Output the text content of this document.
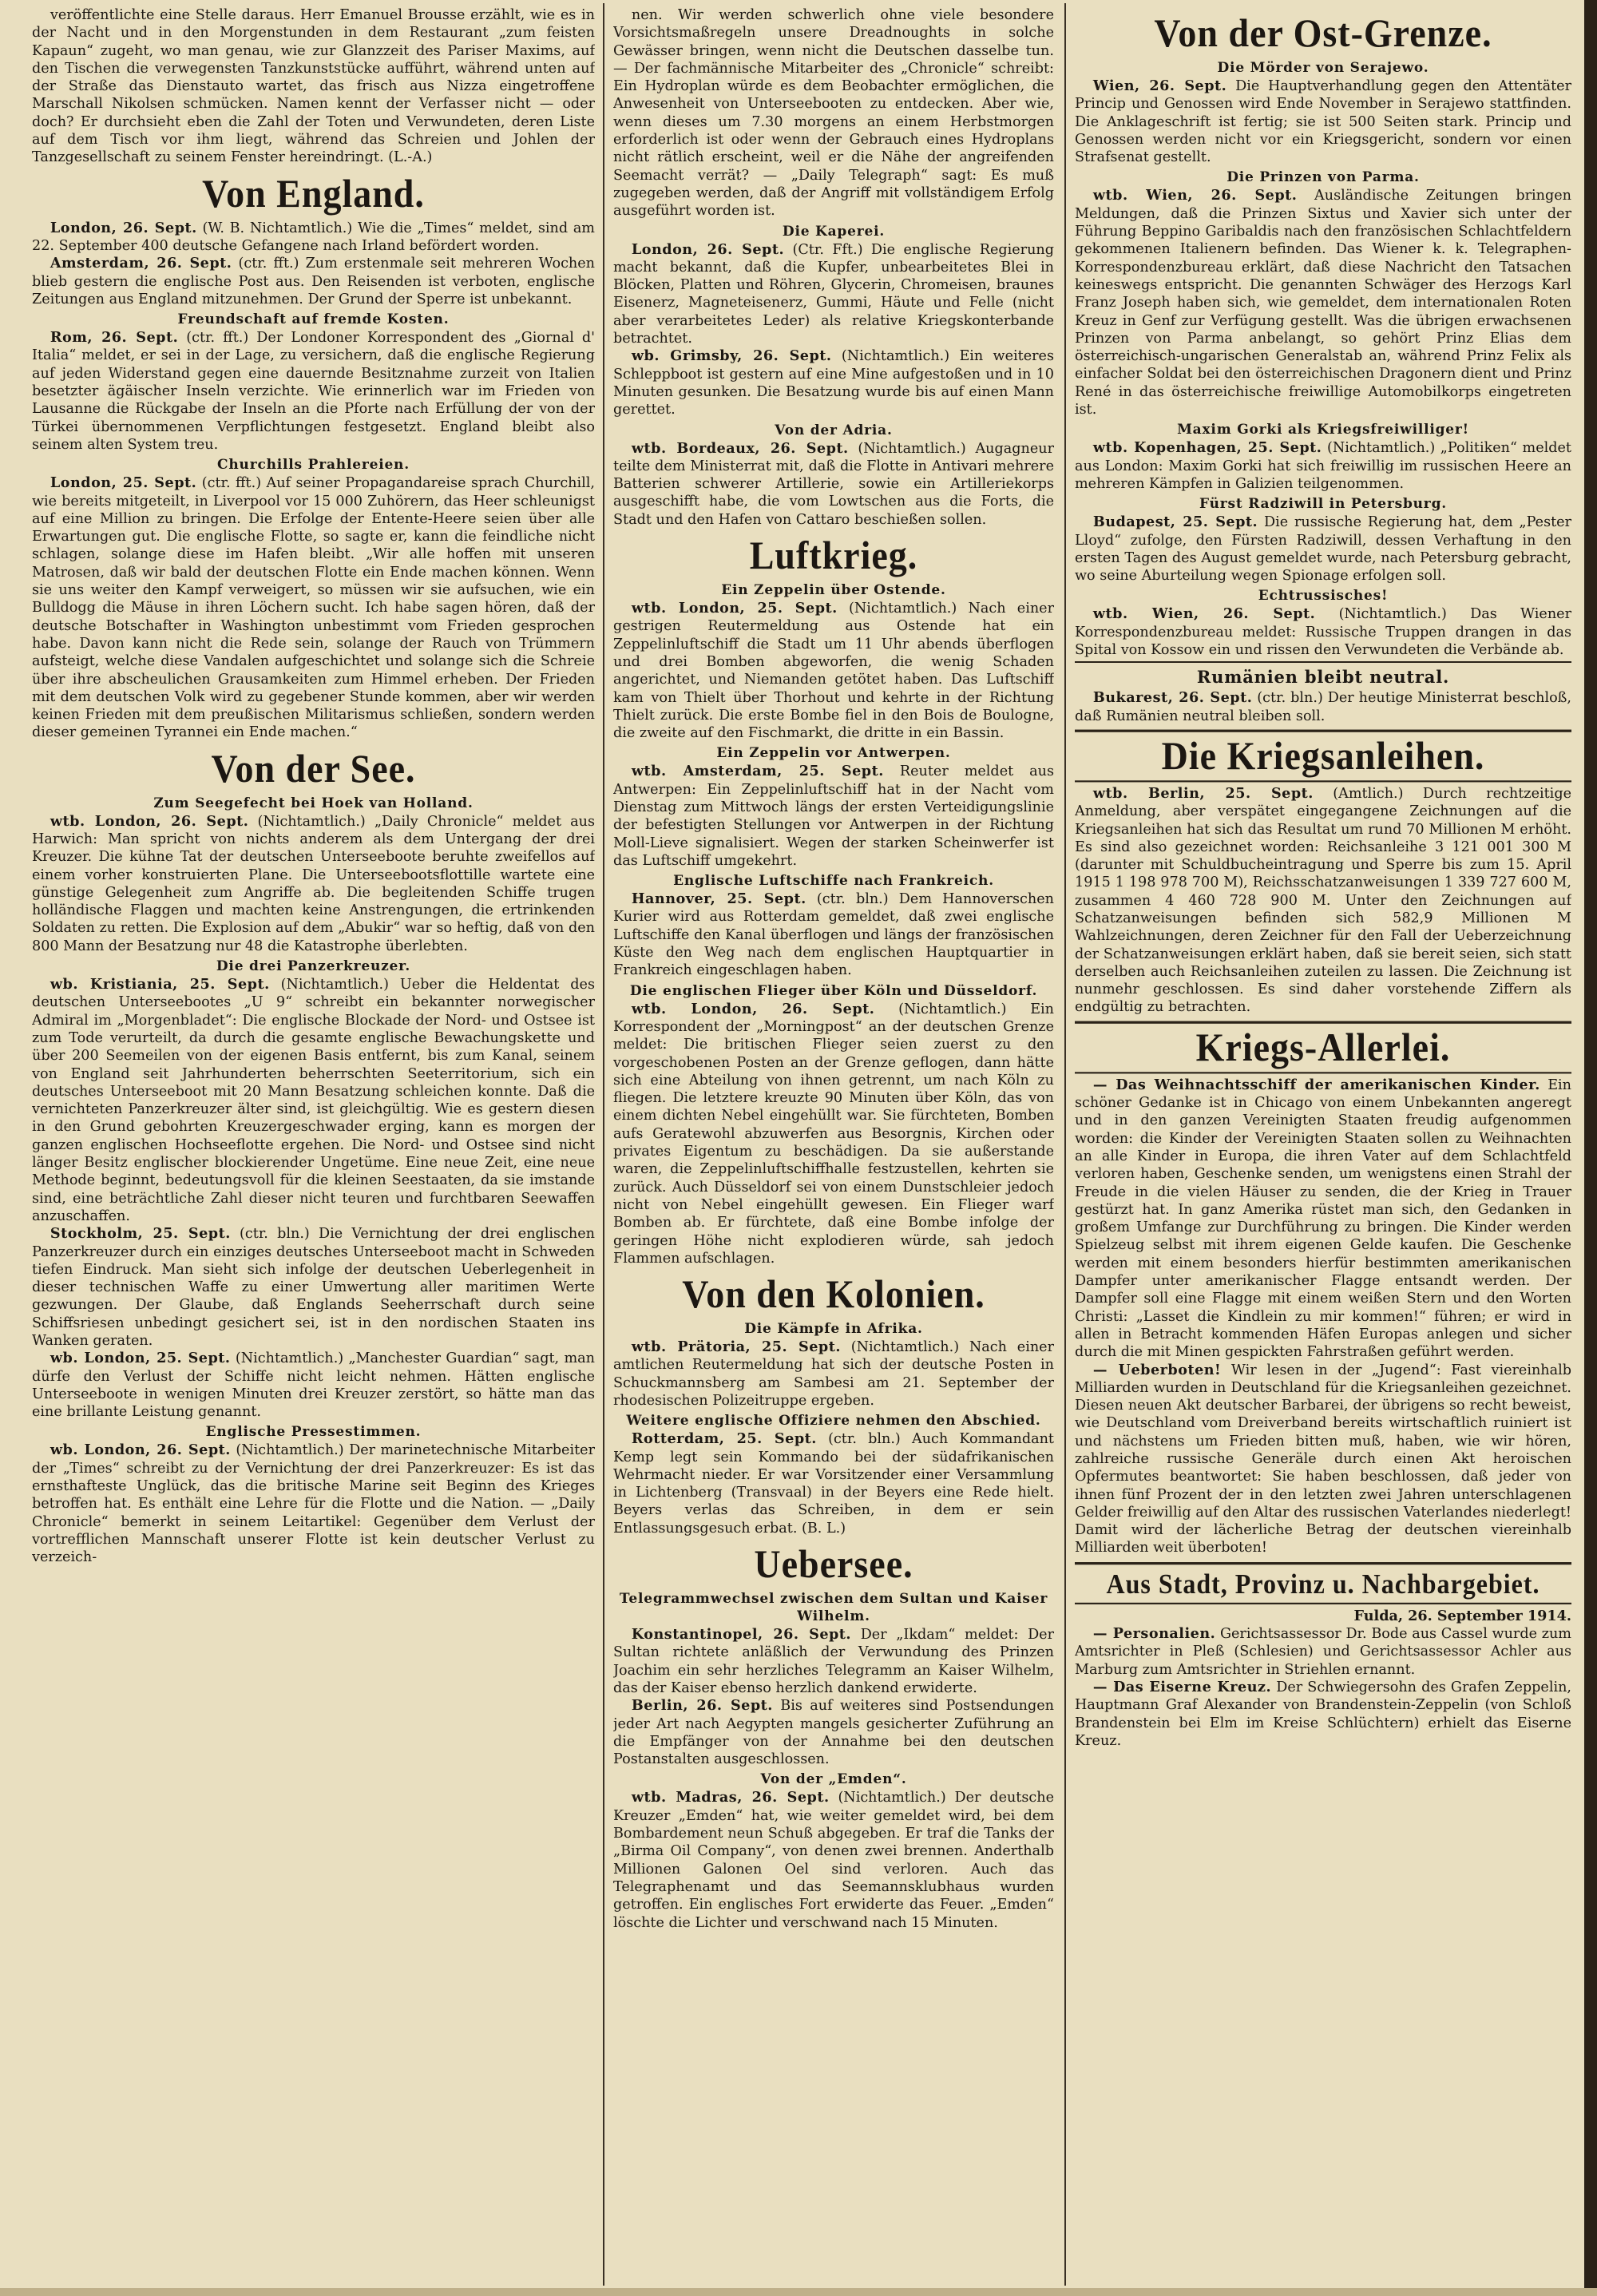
veröffentlichte eine Stelle daraus. Herr Emanuel Brousse erzählt, wie es in der Nacht und in den Morgenstunden in dem Restaurant „zum feisten Kapaun“ zugeht, wo man genau, wie zur Glanzzeit des Pariser Maxims, auf den Tischen die verwegensten Tanzkunststücke aufführt, während unten auf der Straße das Dienstauto wartet, das frisch aus Nizza eingetroffene Marschall Nikolsen schmücken. Namen kennt der Verfasser nicht — oder doch? Er durchsieht eben die Zahl der Toten und Verwundeten, deren Liste auf dem Tisch vor ihm liegt, während das Schreien und Johlen der Tanzgesellschaft zu seinem Fenster hereindringt. (L.-A.)

Von England.

London, 26. Sept. (W. B. Nichtamtlich.) Wie die „Times“ meldet, sind am 22. September 400 deutsche Gefangene nach Irland befördert worden.

Amsterdam, 26. Sept. (ctr. fft.) Zum erstenmale seit mehreren Wochen blieb gestern die englische Post aus. Den Reisenden ist verboten, englische Zeitungen aus England mitzunehmen. Der Grund der Sperre ist unbekannt.

Freundschaft auf fremde Kosten.

Rom, 26. Sept. (ctr. fft.) Der Londoner Korrespondent des „Giornal d' Italia“ meldet, er sei in der Lage, zu versichern, daß die englische Regierung auf jeden Widerstand gegen eine dauernde Besitznahme zurzeit von Italien besetzter ägäischer Inseln verzichte. Wie erinnerlich war im Frieden von Lausanne die Rückgabe der Inseln an die Pforte nach Erfüllung der von der Türkei übernommenen Verpflichtungen festgesetzt. England bleibt also seinem alten System treu.

Churchills Prahlereien.

London, 25. Sept. (ctr. fft.) Auf seiner Propagandareise sprach Churchill, wie bereits mitgeteilt, in Liverpool vor 15 000 Zuhörern, das Heer schleunigst auf eine Million zu bringen. Die Erfolge der Entente-Heere seien über alle Erwartungen gut. Die englische Flotte, so sagte er, kann die feindliche nicht schlagen, solange diese im Hafen bleibt. „Wir alle hoffen mit unseren Matrosen, daß wir bald der deutschen Flotte ein Ende machen können. Wenn sie uns weiter den Kampf verweigert, so müssen wir sie aufsuchen, wie ein Bulldogg die Mäuse in ihren Löchern sucht. Ich habe sagen hören, daß der deutsche Botschafter in Washington unbestimmt vom Frieden gesprochen habe. Davon kann nicht die Rede sein, solange der Rauch von Trümmern aufsteigt, welche diese Vandalen aufgeschichtet und solange sich die Schreie über ihre abscheulichen Grausamkeiten zum Himmel erheben. Der Frieden mit dem deutschen Volk wird zu gegebener Stunde kommen, aber wir werden keinen Frieden mit dem preußischen Militarismus schließen, sondern werden dieser gemeinen Tyrannei ein Ende machen.“

Von der See.
Zum Seegefecht bei Hoek van Holland.

wtb. London, 26. Sept. (Nichtamtlich.) „Daily Chronicle“ meldet aus Harwich: Man spricht von nichts anderem als dem Untergang der drei Kreuzer. Die kühne Tat der deutschen Unterseeboote beruhte zweifellos auf einem vorher konstruierten Plane. Die Unterseebootsflottille wartete eine günstige Gelegenheit zum Angriffe ab. Die begleitenden Schiffe trugen holländische Flaggen und machten keine Anstrengungen, die ertrinkenden Soldaten zu retten. Die Explosion auf dem „Abukir“ war so heftig, daß von den 800 Mann der Besatzung nur 48 die Katastrophe überlebten.

Die drei Panzerkreuzer.

wb. Kristiania, 25. Sept. (Nichtamtlich.) Ueber die Heldentat des deutschen Unterseebootes „U 9“ schreibt ein bekannter norwegischer Admiral im „Morgenbladet“: Die englische Blockade der Nord- und Ostsee ist zum Tode verurteilt, da durch die gesamte englische Bewachungskette und über 200 Seemeilen von der eigenen Basis entfernt, bis zum Kanal, seinem von England seit Jahrhunderten beherrschten Seeterritorium, sich ein deutsches Unterseeboot mit 20 Mann Besatzung schleichen konnte. Daß die vernichteten Panzerkreuzer älter sind, ist gleichgültig. Wie es gestern diesen in den Grund gebohrten Kreuzergeschwader erging, kann es morgen der ganzen englischen Hochseeflotte ergehen. Die Nord- und Ostsee sind nicht länger Besitz englischer blockierender Ungetüme. Eine neue Zeit, eine neue Methode beginnt, bedeutungsvoll für die kleinen Seestaaten, da sie imstande sind, eine beträchtliche Zahl dieser nicht teuren und furchtbaren Seewaffen anzuschaffen.

Stockholm, 25. Sept. (ctr. bln.) Die Vernichtung der drei englischen Panzerkreuzer durch ein einziges deutsches Unterseeboot macht in Schweden tiefen Eindruck. Man sieht sich infolge der deutschen Ueberlegenheit in dieser technischen Waffe zu einer Umwertung aller maritimen Werte gezwungen. Der Glaube, daß Englands Seeherrschaft durch seine Schiffsriesen unbedingt gesichert sei, ist in den nordischen Staaten ins Wanken geraten.

wb. London, 25. Sept. (Nichtamtlich.) „Manchester Guardian“ sagt, man dürfe den Verlust der Schiffe nicht leicht nehmen. Hätten englische Unterseeboote in wenigen Minuten drei Kreuzer zerstört, so hätte man das eine brillante Leistung genannt.

Englische Pressestimmen.

wb. London, 26. Sept. (Nichtamtlich.) Der marinetechnische Mitarbeiter der „Times“ schreibt zu der Vernichtung der drei Panzerkreuzer: Es ist das ernsthafteste Unglück, das die britische Marine seit Beginn des Krieges betroffen hat. Es enthält eine Lehre für die Flotte und die Nation. — „Daily Chronicle“ bemerkt in seinem Leitartikel: Gegenüber dem Verlust der vortrefflichen Mannschaft unserer Flotte ist kein deutscher Verlust zu verzeich-

nen. Wir werden schwerlich ohne viele besondere Vorsichtsmaßregeln unsere Dreadnoughts in solche Gewässer bringen, wenn nicht die Deutschen dasselbe tun. — Der fachmännische Mitarbeiter des „Chronicle“ schreibt: Ein Hydroplan würde es dem Beobachter ermöglichen, die Anwesenheit von Unterseebooten zu entdecken. Aber wie, wenn dieses um 7.30 morgens an einem Herbstmorgen erforderlich ist oder wenn der Gebrauch eines Hydroplans nicht rätlich erscheint, weil er die Nähe der angreifenden Seemacht verrät? — „Daily Telegraph“ sagt: Es muß zugegeben werden, daß der Angriff mit vollständigem Erfolg ausgeführt worden ist.

Die Kaperei.

London, 26. Sept. (Ctr. Fft.) Die englische Regierung macht bekannt, daß die Kupfer, unbearbeitetes Blei in Blöcken, Platten und Röhren, Glycerin, Chromeisen, braunes Eisenerz, Magneteisenerz, Gummi, Häute und Felle (nicht aber verarbeitetes Leder) als relative Kriegskonterbande betrachtet.

wb. Grimsby, 26. Sept. (Nichtamtlich.) Ein weiteres Schleppboot ist gestern auf eine Mine aufgestoßen und in 10 Minuten gesunken. Die Besatzung wurde bis auf einen Mann gerettet.

Von der Adria.

wtb. Bordeaux, 26. Sept. (Nichtamtlich.) Augagneur teilte dem Ministerrat mit, daß die Flotte in Antivari mehrere Batterien schwerer Artillerie, sowie ein Artilleriekorps ausgeschifft habe, die vom Lowtschen aus die Forts, die Stadt und den Hafen von Cattaro beschießen sollen.

Luftkrieg.
Ein Zeppelin über Ostende.

wtb. London, 25. Sept. (Nichtamtlich.) Nach einer gestrigen Reutermeldung aus Ostende hat ein Zeppelinluftschiff die Stadt um 11 Uhr abends überflogen und drei Bomben abgeworfen, die wenig Schaden angerichtet, und Niemanden getötet haben. Das Luftschiff kam von Thielt über Thorhout und kehrte in der Richtung Thielt zurück. Die erste Bombe fiel in den Bois de Boulogne, die zweite auf den Fischmarkt, die dritte in ein Bassin.

Ein Zeppelin vor Antwerpen.

wtb. Amsterdam, 25. Sept. Reuter meldet aus Antwerpen: Ein Zeppelinluftschiff hat in der Nacht vom Dienstag zum Mittwoch längs der ersten Verteidigungslinie der befestigten Stellungen vor Antwerpen in der Richtung Moll-Lieve signalisiert. Wegen der starken Scheinwerfer ist das Luftschiff umgekehrt.

Englische Luftschiffe nach Frankreich.

Hannover, 25. Sept. (ctr. bln.) Dem Hannoverschen Kurier wird aus Rotterdam gemeldet, daß zwei englische Luftschiffe den Kanal überflogen und längs der französischen Küste den Weg nach dem englischen Hauptquartier in Frankreich eingeschlagen haben.

Die englischen Flieger über Köln und Düsseldorf.

wtb. London, 26. Sept. (Nichtamtlich.) Ein Korrespondent der „Morningpost“ an der deutschen Grenze meldet: Die britischen Flieger seien zuerst zu den vorgeschobenen Posten an der Grenze geflogen, dann hätte sich eine Abteilung von ihnen getrennt, um nach Köln zu fliegen. Die letztere kreuzte 90 Minuten über Köln, das von einem dichten Nebel eingehüllt war. Sie fürchteten, Bomben aufs Geratewohl abzuwerfen aus Besorgnis, Kirchen oder privates Eigentum zu beschädigen. Da sie außerstande waren, die Zeppelinluftschiffhalle festzustellen, kehrten sie zurück. Auch Düsseldorf sei von einem Dunstschleier jedoch nicht von Nebel eingehüllt gewesen. Ein Flieger warf Bomben ab. Er fürchtete, daß eine Bombe infolge der geringen Höhe nicht explodieren würde, sah jedoch Flammen aufschlagen.

Von den Kolonien.
Die Kämpfe in Afrika.

wtb. Prätoria, 25. Sept. (Nichtamtlich.) Nach einer amtlichen Reutermeldung hat sich der deutsche Posten in Schuckmannsberg am Sambesi am 21. September der rhodesischen Polizeitruppe ergeben.

Weitere englische Offiziere nehmen den Abschied.

Rotterdam, 25. Sept. (ctr. bln.) Auch Kommandant Kemp legt sein Kommando bei der südafrikanischen Wehrmacht nieder. Er war Vorsitzender einer Versammlung in Lichtenberg (Transvaal) in der Beyers eine Rede hielt. Beyers verlas das Schreiben, in dem er sein Entlassungsgesuch erbat. (B. L.)

Uebersee.
Telegrammwechsel zwischen dem Sultan und Kaiser Wilhelm.

Konstantinopel, 26. Sept. Der „Ikdam“ meldet: Der Sultan richtete anläßlich der Verwundung des Prinzen Joachim ein sehr herzliches Telegramm an Kaiser Wilhelm, das der Kaiser ebenso herzlich dankend erwiderte.

Berlin, 26. Sept. Bis auf weiteres sind Postsendungen jeder Art nach Aegypten mangels gesicherter Zuführung an die Empfänger von der Annahme bei den deutschen Postanstalten ausgeschlossen.

Von der „Emden“.

wtb. Madras, 26. Sept. (Nichtamtlich.) Der deutsche Kreuzer „Emden“ hat, wie weiter gemeldet wird, bei dem Bombardement neun Schuß abgegeben. Er traf die Tanks der „Birma Oil Company“, von denen zwei brennen. Anderthalb Millionen Galonen Oel sind verloren. Auch das Telegraphenamt und das Seemannsklubhaus wurden getroffen. Ein englisches Fort erwiderte das Feuer. „Emden“ löschte die Lichter und verschwand nach 15 Minuten.

Von der Ost-Grenze.
Die Mörder von Serajewo.

Wien, 26. Sept. Die Hauptverhandlung gegen den Attentäter Princip und Genossen wird Ende November in Serajewo stattfinden. Die Anklageschrift ist fertig; sie ist 500 Seiten stark. Princip und Genossen werden nicht vor ein Kriegsgericht, sondern vor einen Strafsenat gestellt.

Die Prinzen von Parma.

wtb. Wien, 26. Sept. Ausländische Zeitungen bringen Meldungen, daß die Prinzen Sixtus und Xavier sich unter der Führung Beppino Garibaldis nach den französischen Schlachtfeldern gekommenen Italienern befinden. Das Wiener k. k. Telegraphen-Korrespondenzbureau erklärt, daß diese Nachricht den Tatsachen keineswegs entspricht. Die genannten Schwäger des Herzogs Karl Franz Joseph haben sich, wie gemeldet, dem internationalen Roten Kreuz in Genf zur Verfügung gestellt. Was die übrigen erwachsenen Prinzen von Parma anbelangt, so gehört Prinz Elias dem österreichisch-ungarischen Generalstab an, während Prinz Felix als einfacher Soldat bei den österreichischen Dragonern dient und Prinz René in das österreichische freiwillige Automobilkorps eingetreten ist.

Maxim Gorki als Kriegsfreiwilliger!

wtb. Kopenhagen, 25. Sept. (Nichtamtlich.) „Politiken“ meldet aus London: Maxim Gorki hat sich freiwillig im russischen Heere an mehreren Kämpfen in Galizien teilgenommen.

Fürst Radziwill in Petersburg.

Budapest, 25. Sept. Die russische Regierung hat, dem „Pester Lloyd“ zufolge, den Fürsten Radziwill, dessen Verhaftung in den ersten Tagen des August gemeldet wurde, nach Petersburg gebracht, wo seine Aburteilung wegen Spionage erfolgen soll.

Echtrussisches!

wtb. Wien, 26. Sept. (Nichtamtlich.) Das Wiener Korrespondenzbureau meldet: Russische Truppen drangen in das Spital von Kossow ein und rissen den Verwundeten die Verbände ab.

Rumänien bleibt neutral.

Bukarest, 26. Sept. (ctr. bln.) Der heutige Ministerrat beschloß, daß Rumänien neutral bleiben soll.

Die Kriegsanleihen.

wtb. Berlin, 25. Sept. (Amtlich.) Durch rechtzeitige Anmeldung, aber verspätet eingegangene Zeichnungen auf die Kriegsanleihen hat sich das Resultat um rund 70 Millionen M erhöht. Es sind also gezeichnet worden: Reichsanleihe 3 121 001 300 M (darunter mit Schuldbucheintragung und Sperre bis zum 15. April 1915 1 198 978 700 M), Reichsschatzanweisungen 1 339 727 600 M, zusammen 4 460 728 900 M. Unter den Zeichnungen auf Schatzanweisungen befinden sich 582,9 Millionen M Wahlzeichnungen, deren Zeichner für den Fall der Ueberzeichnung der Schatzanweisungen erklärt haben, daß sie bereit seien, sich statt derselben auch Reichsanleihen zuteilen zu lassen. Die Zeichnung ist nunmehr geschlossen. Es sind daher vorstehende Ziffern als endgültig zu betrachten.

Kriegs-Allerlei.

— Das Weihnachtsschiff der amerikanischen Kinder. Ein schöner Gedanke ist in Chicago von einem Unbekannten angeregt und in den ganzen Vereinigten Staaten freudig aufgenommen worden: die Kinder der Vereinigten Staaten sollen zu Weihnachten an alle Kinder in Europa, die ihren Vater auf dem Schlachtfeld verloren haben, Geschenke senden, um wenigstens einen Strahl der Freude in die vielen Häuser zu senden, die der Krieg in Trauer gestürzt hat. In ganz Amerika rüstet man sich, den Gedanken in großem Umfange zur Durchführung zu bringen. Die Kinder werden Spielzeug selbst mit ihrem eigenen Gelde kaufen. Die Geschenke werden mit einem besonders hierfür bestimmten amerikanischen Dampfer unter amerikanischer Flagge entsandt werden. Der Dampfer soll eine Flagge mit einem weißen Stern und den Worten Christi: „Lasset die Kindlein zu mir kommen!“ führen; er wird in allen in Betracht kommenden Häfen Europas anlegen und sicher durch die mit Minen gespickten Fahrstraßen geführt werden.

— Ueberboten! Wir lesen in der „Jugend“: Fast viereinhalb Milliarden wurden in Deutschland für die Kriegsanleihen gezeichnet. Diesen neuen Akt deutscher Barbarei, der übrigens so recht beweist, wie Deutschland vom Dreiverband bereits wirtschaftlich ruiniert ist und nächstens um Frieden bitten muß, haben, wie wir hören, zahlreiche russische Generäle durch einen Akt heroischen Opfermutes beantwortet: Sie haben beschlossen, daß jeder von ihnen fünf Prozent der in den letzten zwei Jahren unterschlagenen Gelder freiwillig auf den Altar des russischen Vaterlandes niederlegt! Damit wird der lächerliche Betrag der deutschen viereinhalb Milliarden weit überboten!

Aus Stadt, Provinz u. Nachbargebiet.

Fulda, 26. September 1914.

— Personalien. Gerichtsassessor Dr. Bode aus Cassel wurde zum Amtsrichter in Pleß (Schlesien) und Gerichtsassessor Achler aus Marburg zum Amtsrichter in Striehlen ernannt.

— Das Eiserne Kreuz. Der Schwiegersohn des Grafen Zeppelin, Hauptmann Graf Alexander von Brandenstein-Zeppelin (von Schloß Brandenstein bei Elm im Kreise Schlüchtern) erhielt das Eiserne Kreuz.
